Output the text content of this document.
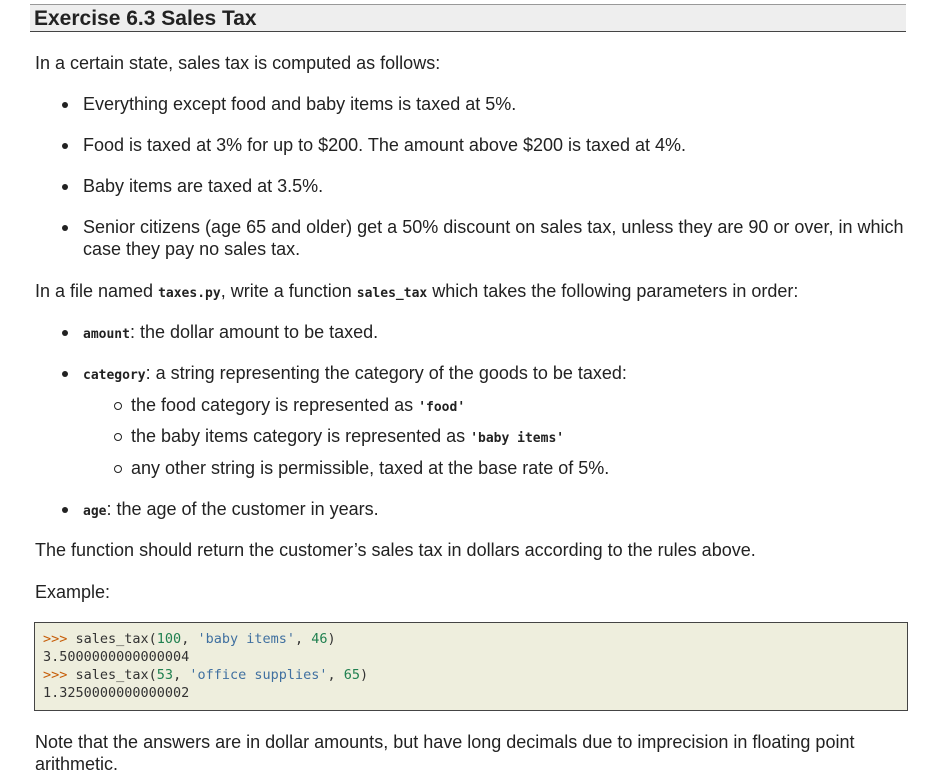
Exercise 6.3 Sales Tax

In a certain state, sales tax is computed as follows:

Everything except food and baby items is taxed at 5%.
Food is taxed at 3% for up to $200. The amount above $200 is taxed at 4%.
Baby items are taxed at 3.5%.
Senior citizens (age 65 and older) get a 50% discount on sales tax, unless they are 90 or over, in which case they pay no sales tax.

In a file named taxes.py, write a function sales_tax which takes the following parameters in order:

amount: the dollar amount to be taxed.
category: a string representing the category of the goods to be taxed:
the food category is represented as 'food'
the baby items category is represented as 'baby items'
any other string is permissible, taxed at the base rate of 5%.
age: the age of the customer in years.

The function should return the customer’s sales tax in dollars according to the rules above.

Example:

>>> sales_tax(100, 'baby items', 46)
3.5000000000000004
>>> sales_tax(53, 'office supplies', 65)
1.3250000000000002

Note that the answers are in dollar amounts, but have long decimals due to imprecision in floating point arithmetic.
